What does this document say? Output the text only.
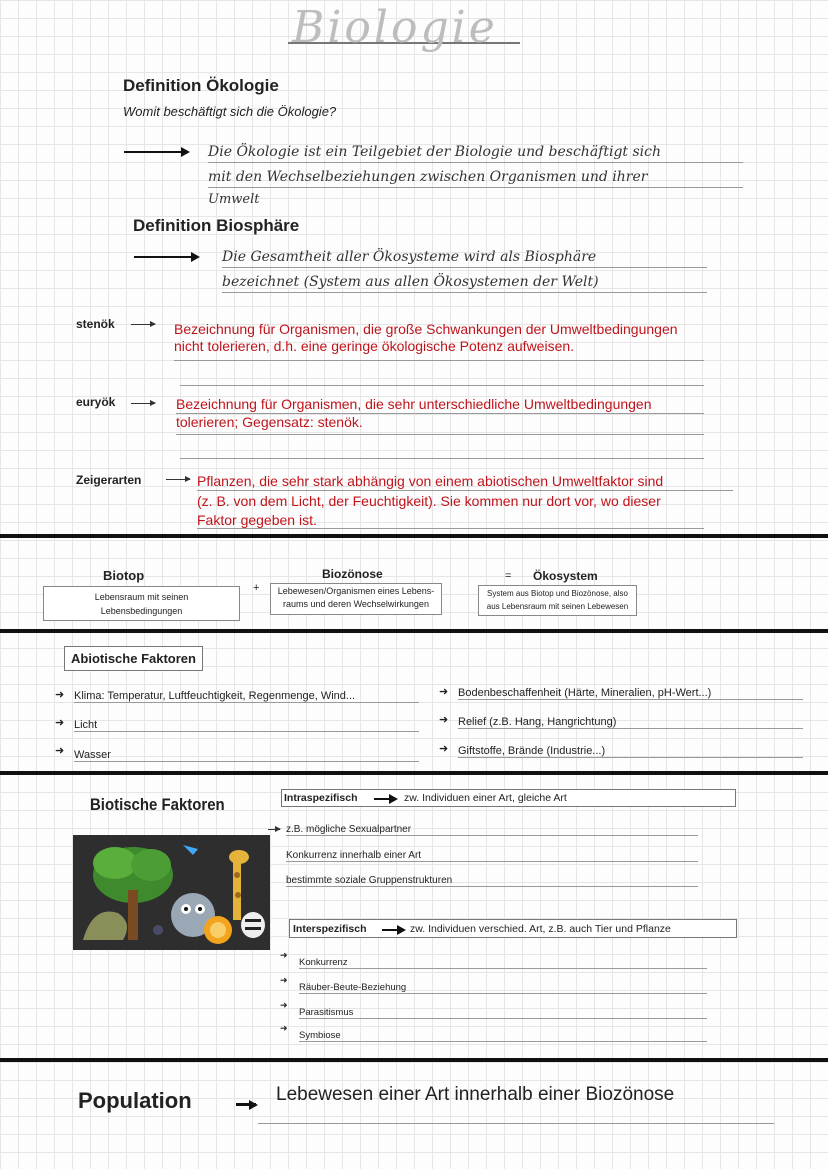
Biologie
Definition Ökologie
Womit beschäftigt sich die Ökologie?
Die Ökologie ist ein Teilgebiet der Biologie und beschäftigt sich
mit den Wechselbeziehungen zwischen Organismen und ihrer
Umwelt
Definition Biosphäre
Die Gesamtheit aller Ökosysteme wird als Biosphäre
bezeichnet (System aus allen Ökosystemen der Welt)
stenök	Bezeichnung für Organismen, die große Schwankungen der Umweltbedingungen
nicht tolerieren, d.h. eine geringe ökologische Potenz aufweisen.
euryök	Bezeichnung für Organismen, die sehr unterschiedliche Umweltbedingungen
tolerieren; Gegensatz: stenök.
Zeigerarten	Pflanzen, die sehr stark abhängig von einem abiotischen Umweltfaktor sind
(z. B. von dem Licht, der Feuchtigkeit). Sie kommen nur dort vor, wo dieser
Faktor gegeben ist.
Biotop
Lebensraum mit seinen
Lebensbedingungen
+
Biozönose
Lebewesen/Organismen eines Lebens-
raums und deren Wechselwirkungen
= Ökosystem
System aus Biotop und Biozönose, also
aus Lebensraum mit seinen Lebewesen
Abiotische Faktoren
➜ Klima: Temperatur, Luftfeuchtigkeit, Regenmenge, Wind...
➜ Licht
➜ Wasser
➜ Bodenbeschaffenheit (Härte, Mineralien, pH-Wert...)
➜ Relief (z.B. Hang, Hangrichtung)
➜ Giftstoffe, Brände (Industrie...)
Biotische Faktoren	Intraspezifisch	zw. Individuen einer Art, gleiche Art
z.B. mögliche Sexualpartner
Konkurrenz innerhalb einer Art
bestimmte soziale Gruppenstrukturen
Interspezifisch	zw. Individuen verschied. Art, z.B. auch Tier und Pflanze
➜
Konkurrenz
➜
Räuber-Beute-Beziehung
➜
Parasitismus
➜
Symbiose
Population	Lebewesen einer Art innerhalb einer Biozönose
